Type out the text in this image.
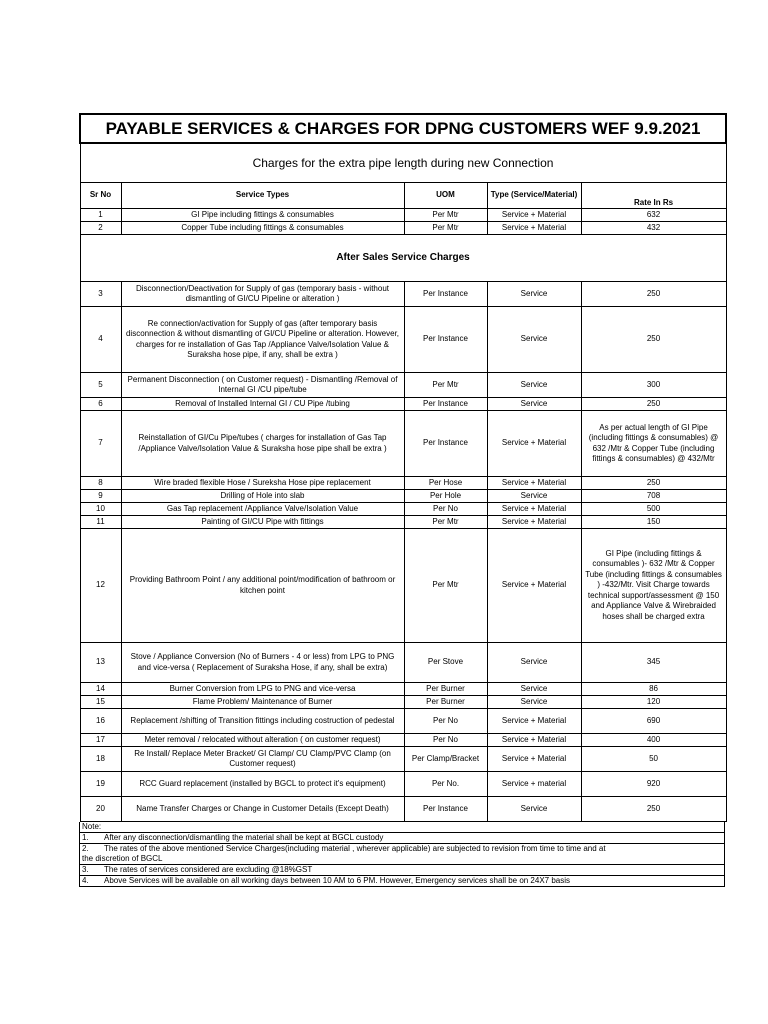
PAYABLE SERVICES & CHARGES FOR DPNG CUSTOMERS WEF 9.9.2021				
Charges for the extra pipe length during new Connection				
Sr No	Service Types	UOM	Type (Service/Material)	Rate In Rs
1	GI Pipe including fittings & consumables	Per Mtr	Service + Material	632
2	Copper Tube including fittings & consumables	Per Mtr	Service + Material	432
After Sales Service Charges				
3	Disconnection/Deactivation for Supply of gas (temporary basis - without dismantling of GI/CU Pipeline or alteration )	Per Instance	Service	250
4	Re connection/activation for Supply of gas (after temporary basis disconnection & without dismantling of GI/CU Pipeline or alteration. However, charges for re installation of Gas Tap /Appliance Valve/Isolation Value & Suraksha hose pipe, if any, shall be extra )	Per Instance	Service	250
5	Permanent Disconnection ( on Customer request) - Dismantling /Removal of Internal GI /CU pipe/tube	Per Mtr	Service	300
6	Removal of Installed Internal GI / CU Pipe /tubing	Per Instance	Service	250
7	Reinstallation of GI/Cu Pipe/tubes ( charges for installation of Gas Tap /Appliance Valve/Isolation Value & Suraksha hose pipe shall be extra )	Per Instance	Service + Material	As per actual length of GI Pipe (including fittings & consumables) @ 632 /Mtr & Copper Tube (including fittings & consumables) @ 432/Mtr
8	Wire braded flexible Hose / Sureksha Hose pipe replacement	Per Hose	Service + Material	250
9	Drilling of Hole into slab	Per Hole	Service	708
10	Gas Tap replacement /Appliance Valve/Isolation Value	Per No	Service + Material	500
11	Painting of GI/CU Pipe with fittings	Per Mtr	Service + Material	150
12	Providing Bathroom Point / any additional point/modification of bathroom or kitchen point	Per Mtr	Service + Material	GI Pipe (including fittings & consumables )- 632 /Mtr & Copper Tube (including fittings & consumables ) -432/Mtr. Visit Charge towards technical support/assessment @ 150 and Appliance Valve & Wirebraided hoses shall be charged extra
13	Stove / Appliance Conversion (No of Burners - 4 or less) from LPG to PNG and vice-versa ( Replacement of Suraksha Hose, if any, shall be extra)	Per Stove	Service	345
14	Burner Conversion from LPG to PNG and vice-versa	Per Burner	Service	86
15	Flame Problem/ Maintenance of Burner	Per Burner	Service	120
16	Replacement /shifting of Transition fittings including costruction of pedestal	Per No	Service + Material	690
17	Meter removal / relocated without alteration ( on customer request)	Per No	Service + Material	400
18	Re Install/ Replace Meter Bracket/ GI Clamp/ CU Clamp/PVC Clamp (on Customer request)	Per Clamp/Bracket	Service + Material	50
19	RCC Guard replacement (installed by BGCL to protect it's equipment)	Per No.	Service + material	920
20	Name Transfer Charges or Change in Customer Details (Except Death)	Per Instance	Service	250
Note:
1. After any disconnection/dismantling the material shall be kept at BGCL custody
2. The rates of the above mentioned Service Charges(including material , wherever applicable) are subjected to revision from time to time and at
the discretion of BGCL
3. The rates of services considered are excluding @18%GST
4. Above Services will be available on all working days between 10 AM to 6 PM. However, Emergency services shall be on 24X7 basis
